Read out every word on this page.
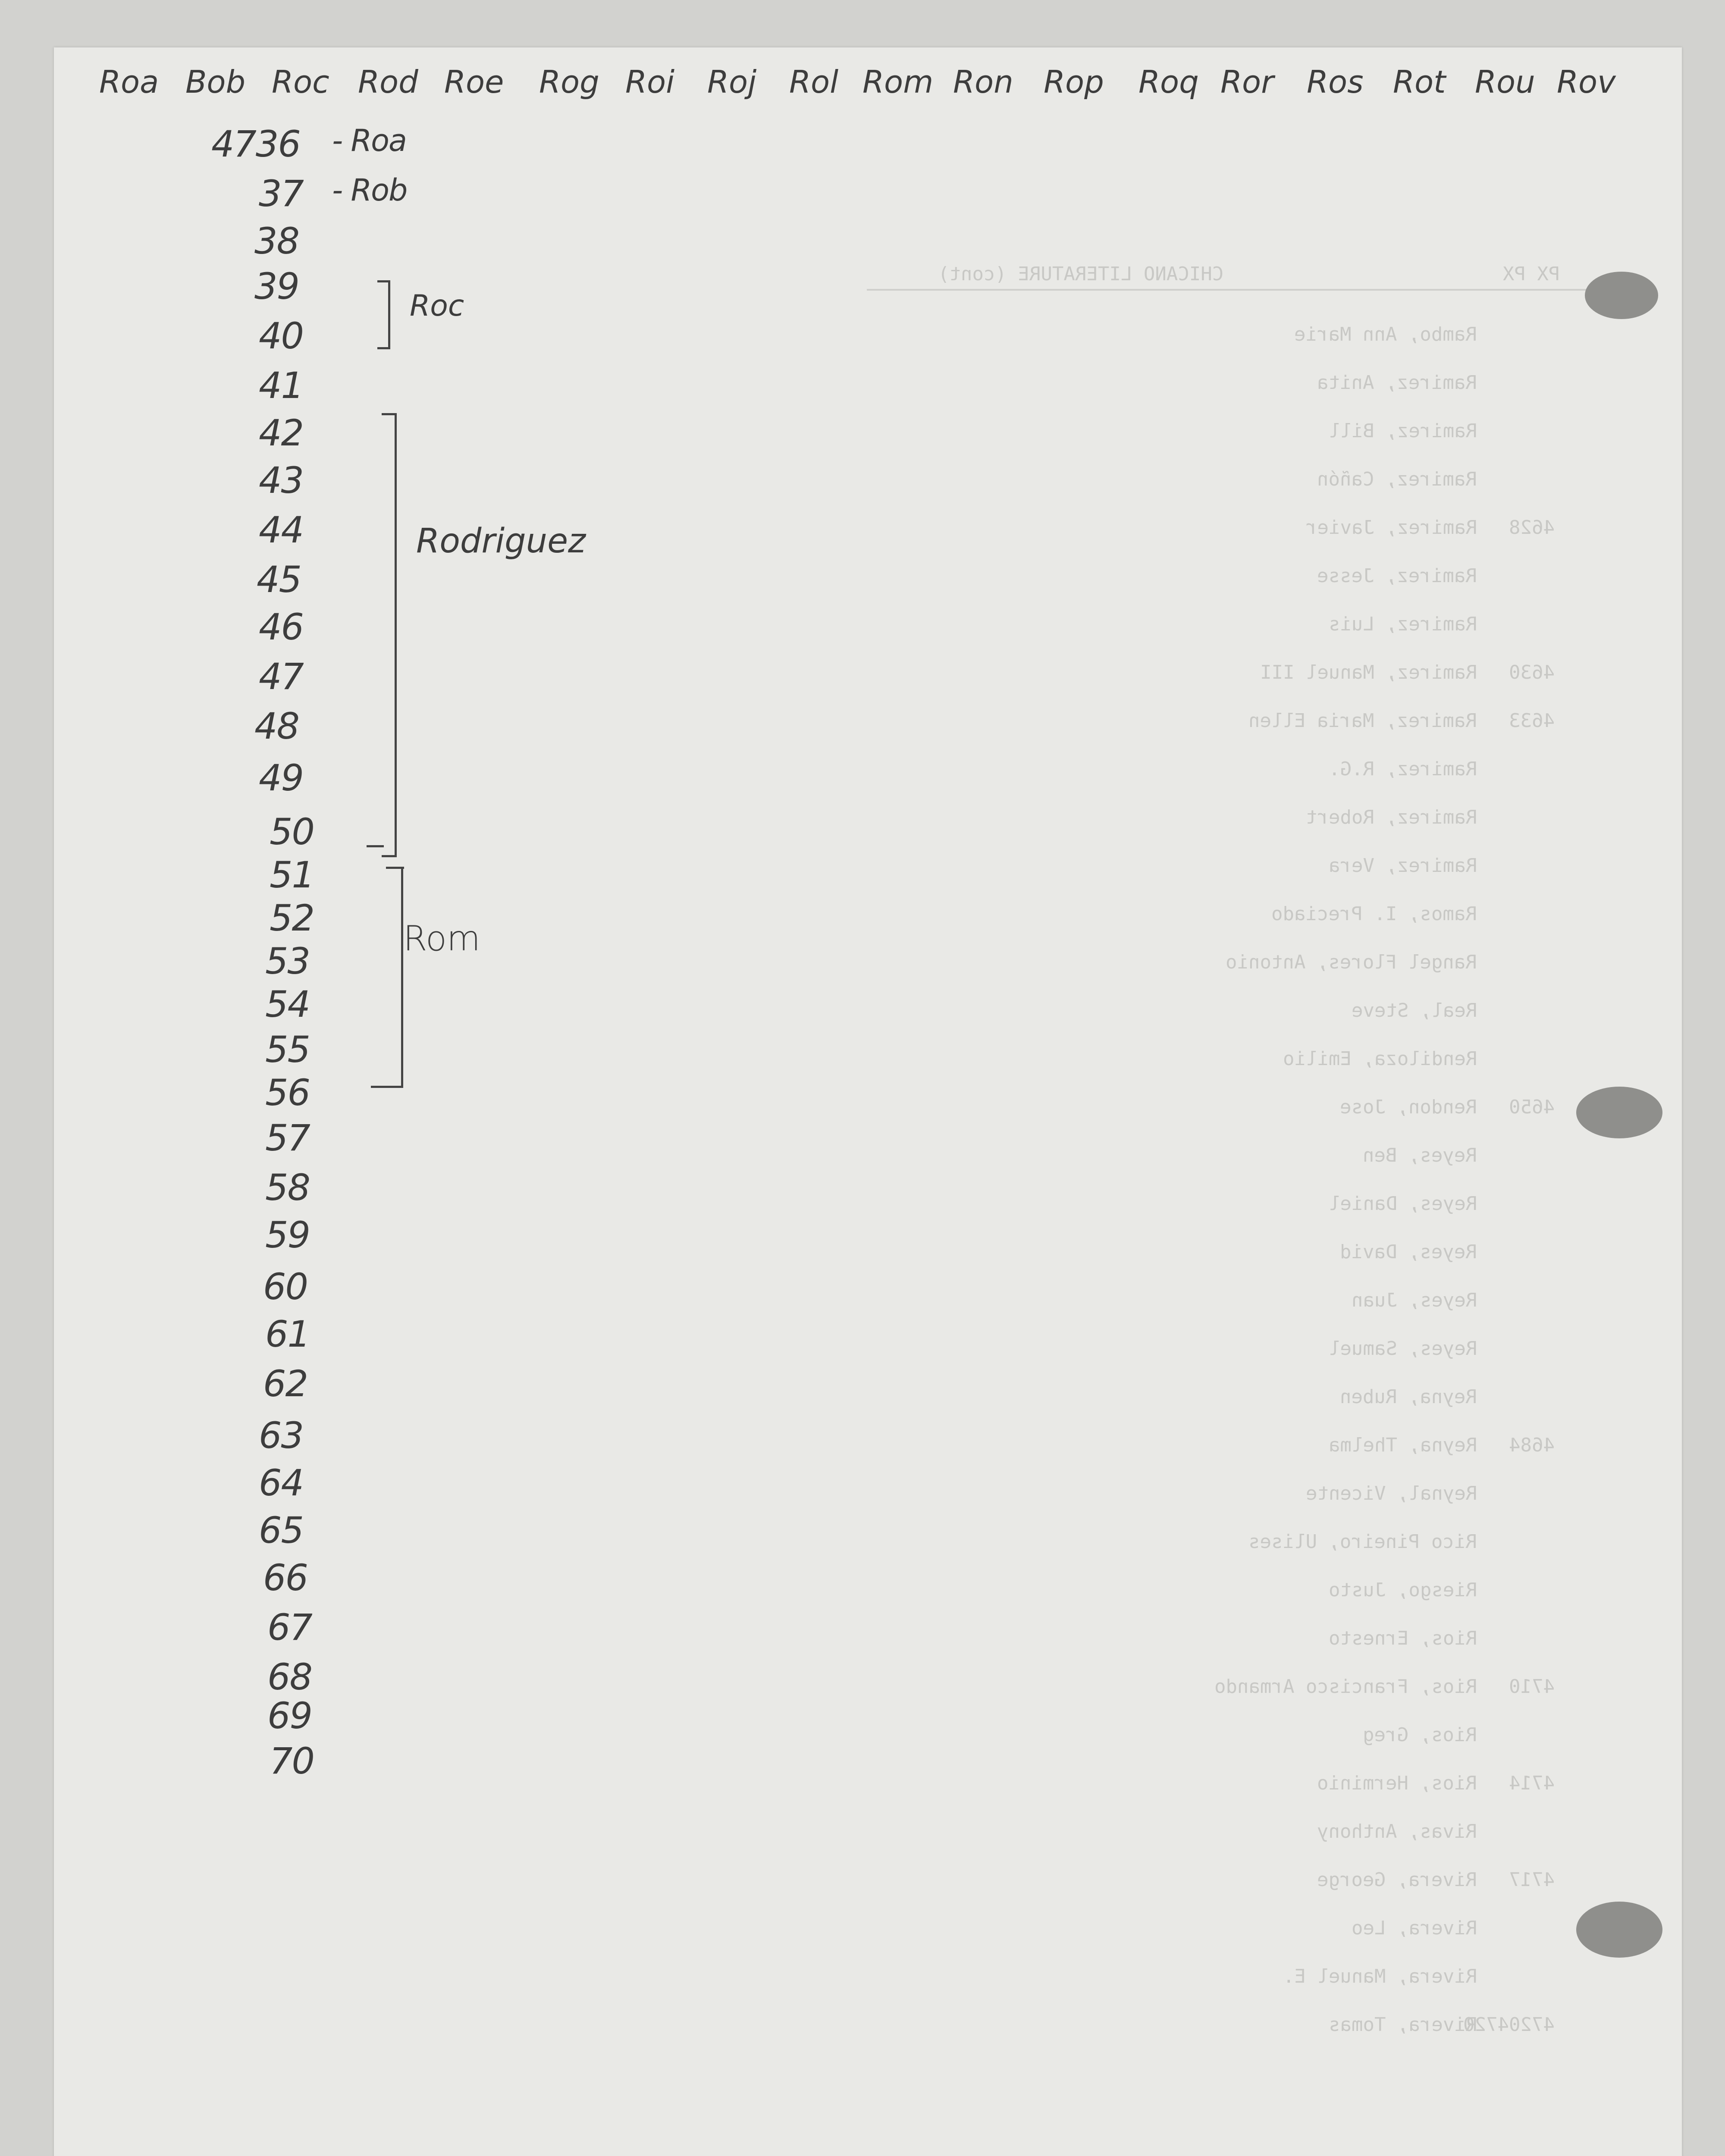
Roa Bob Roc Rod Roe Rog Roi Roj Rol Rom Ron Rop Roq Ror Ros Rot Rou Rov
4736 - Roa
37 - Rob
38
39
40
41
42
43
44
45
46
47
48
49
50
51
52
53
54
55
56
57
58
59
60
61
62
63
64
65
66
67
68
69
70
Roc
Rodriguez
Rom
PX PX
CHICANO LITERATURE (cont)
Rambo, Ann Marie
Ramirez, Anita
Ramirez, Bill
Ramirez, Cañón
Ramirez, Javier 4628
Ramirez, Jesse
Ramirez, Luis
Ramirez, Manuel III 4630
Ramirez, Maria Ellen 4633
Ramirez, R.G.
Ramirez, Robert
Ramirez, Vera
Ramos, I. Preciado
Rangel Flores, Antonio
Real, Steve
Rendiloza, Emilio
Rendon, Jose 4650
Reyes, Ben
Reyes, Daniel
Reyes, David
Reyes, Juan
Reyes, Samuel
Reyna, Ruben
Reyna, Thelma 4684
Reynal, Vicente
Rico Pineiro, Ulises
Riesgo, Justo
Rios, Ernesto
Rios, Francisco Armando 4710
Rios, Greg
Rios, Herminio 4714
Rivas, Anthony
Rivera, George 4717
Rivera, Leo
Rivera, Manuel E.
Rivera, Tomas
47204720
